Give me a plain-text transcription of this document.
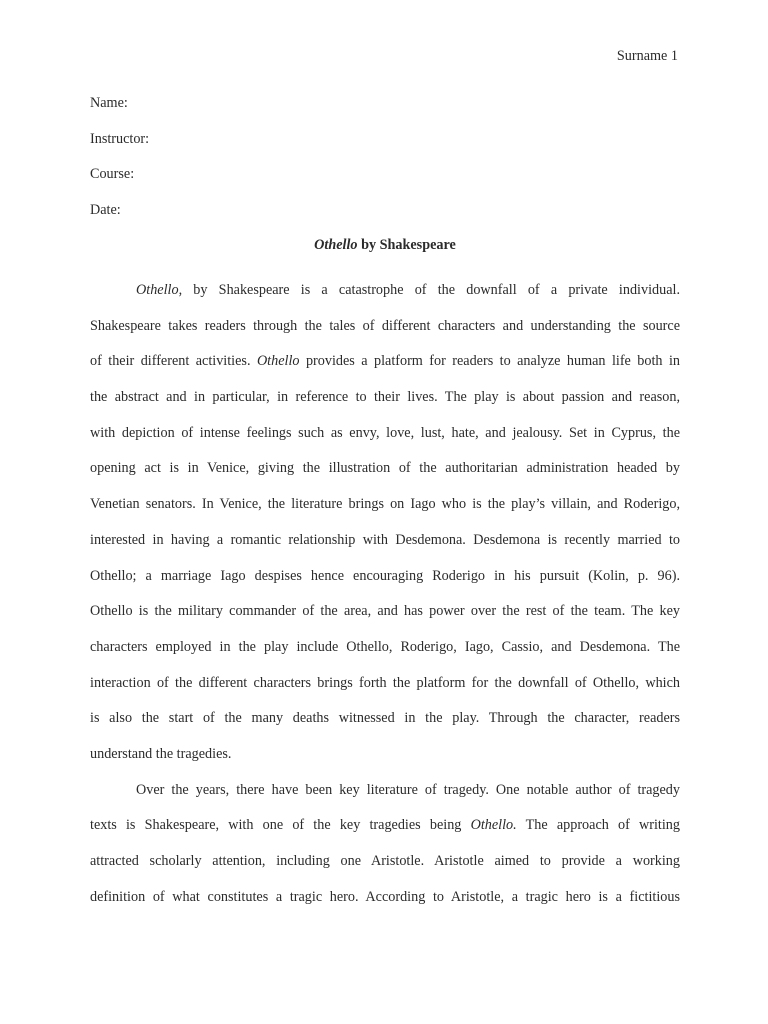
Surname 1
Name:
Instructor:
Course:
Date:
Othello by Shakespeare
Othello, by Shakespeare is a catastrophe of the downfall of a private individual.
Shakespeare takes readers through the tales of different characters and understanding the source
of their different activities. Othello provides a platform for readers to analyze human life both in
the abstract and in particular, in reference to their lives. The play is about passion and reason,
with depiction of intense feelings such as envy, love, lust, hate, and jealousy. Set in Cyprus, the
opening act is in Venice, giving the illustration of the authoritarian administration headed by
Venetian senators. In Venice, the literature brings on Iago who is the play’s villain, and Roderigo,
interested in having a romantic relationship with Desdemona. Desdemona is recently married to
Othello; a marriage Iago despises hence encouraging Roderigo in his pursuit (Kolin, p. 96).
Othello is the military commander of the area, and has power over the rest of the team. The key
characters employed in the play include Othello, Roderigo, Iago, Cassio, and Desdemona. The
interaction of the different characters brings forth the platform for the downfall of Othello, which
is also the start of the many deaths witnessed in the play. Through the character, readers
understand the tragedies.
Over the years, there have been key literature of tragedy. One notable author of tragedy
texts is Shakespeare, with one of the key tragedies being Othello. The approach of writing
attracted scholarly attention, including one Aristotle. Aristotle aimed to provide a working
definition of what constitutes a tragic hero. According to Aristotle, a tragic hero is a fictitious
